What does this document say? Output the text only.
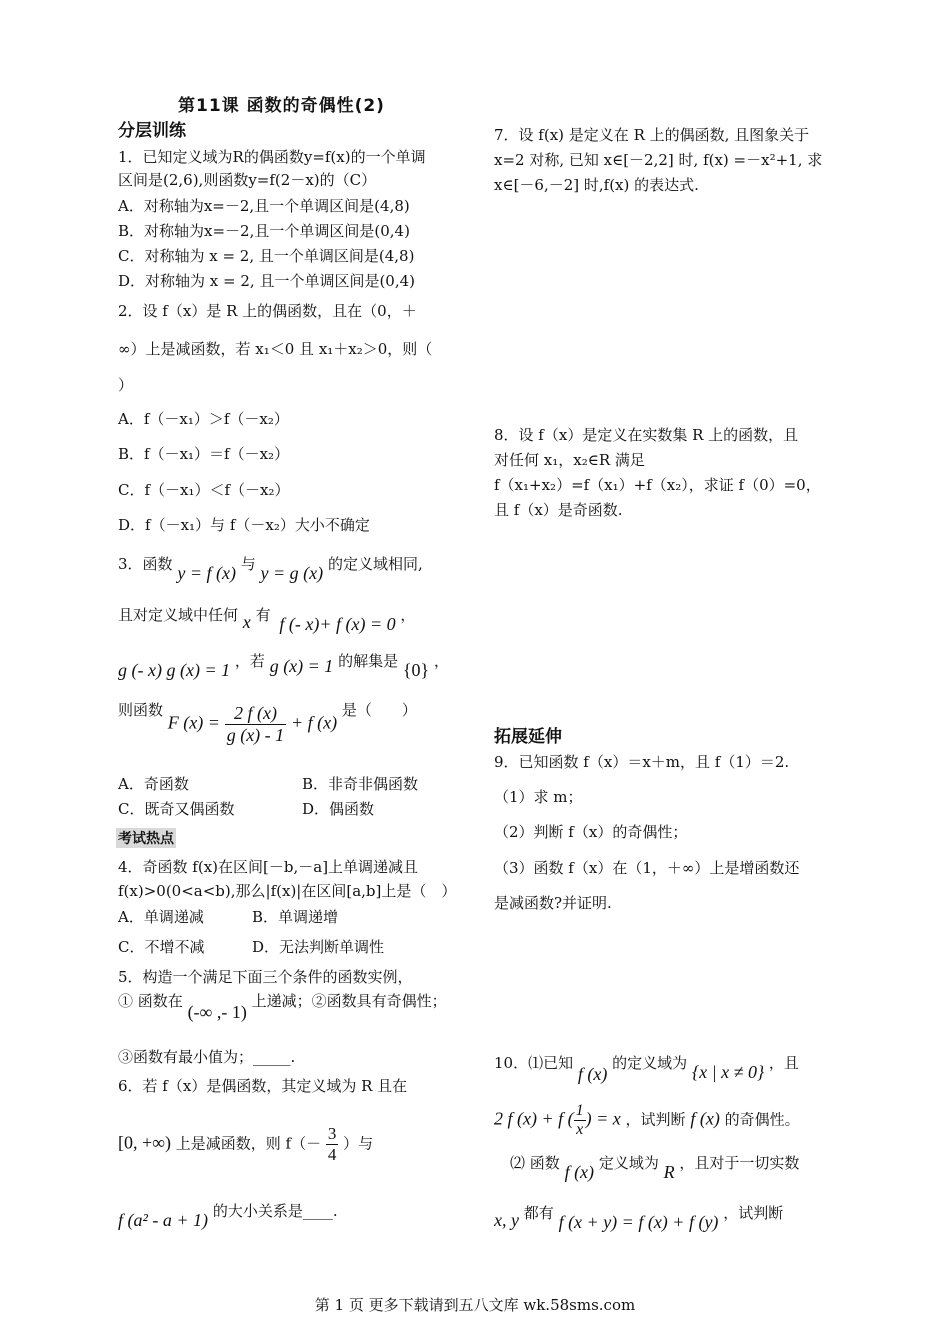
第11课 函数的奇偶性(2)
分层训练
1．已知定义域为R的偶函数y=f(x)的一个单调
区间是(2,6),则函数y=f(2－x)的（C）
A．对称轴为x=－2,且一个单调区间是(4,8)
B．对称轴为x=－2,且一个单调区间是(0,4)
C．对称轴为 x = 2, 且一个单调区间是(4,8)
D．对称轴为 x = 2, 且一个单调区间是(0,4)
2．设 f（x）是 R 上的偶函数，且在（0，＋
∞）上是减函数，若 x₁＜0 且 x₁＋x₂＞0，则（
）
A．f（－x₁）＞f（－x₂）
B．f（－x₁）＝f（－x₂）
C．f（－x₁）＜f（－x₂）
D．f（－x₁）与 f（－x₂）大小不确定
3．函数 y = f (x) 与 y = g (x) 的定义域相同,
且对定义域中任何 x 有 f (- x)+ f (x) = 0 ，
g (- x) g (x) = 1 ，若 g (x) = 1 的解集是 {0} ，
则函数 F $(x) = \frac{2 f (x)}{g (x) - 1} + f$ (x) 是（　　）
A．奇函数	B．非奇非偶函数
C．既奇又偶函数	D．偶函数
考试热点
4．奇函数 f(x)在区间[－b,－a]上单调递减且
f(x)>0(0<a<b),那么|f(x)|在区间[a,b]上是（　）
A．单调递减	B．单调递增
C．不增不减	D．无法判断单调性
5．构造一个满足下面三个条件的函数实例，
① 函数在 (-∞ ,- 1) 上递减；②函数具有奇偶性；
③函数有最小值为；_____.
6．若 f（x）是偶函数，其定义域为 R 且在
[0, +∞) 上是减函数，则 $f(- \frac{3}{4}$ ）与
f (a² - a + 1) 的大小关系是____.
7．设 f(x) 是定义在 R 上的偶函数, 且图象关于
x=2 对称, 已知 x∈[－2,2] 时, f(x) =－x²+1, 求
x∈[－6,－2] 时,f(x) 的表达式.
8．设 f（x）是定义在实数集 R 上的函数，且
对任何 x₁，x₂∈R 满足
f（x₁+x₂）=f（x₁）+f（x₂），求证 f（0）=0，
且 f（x）是奇函数.
拓展延伸
9．已知函数 f（x）＝x＋m，且 f（1）＝2.
（1）求 m；
（2）判断 f（x）的奇偶性；
（3）函数 f（x）在（1，＋∞）上是增函数还
是减函数?并证明.
10．⑴已知 f (x) 的定义域为 {x | x ≠ 0} ，且
2 f (x) + f ( $\frac{1}{x}$ ) = x ，试判断 f (x) 的奇偶性。
⑵ 函数 f (x) 定义域为 R ，且对于一切实数
x, y 都有 f (x + y) = f (x) + f (y) ，试判断
第 1 页 更多下载请到五八文库 wk.58sms.com
